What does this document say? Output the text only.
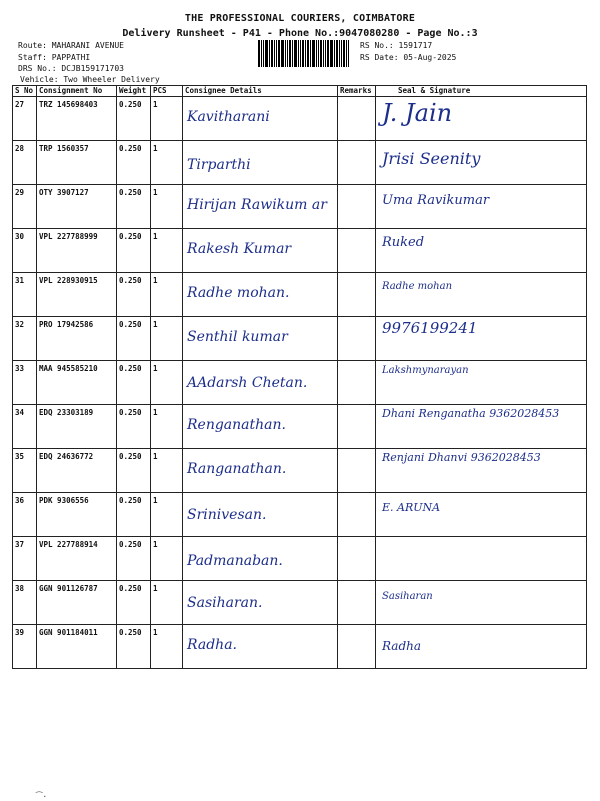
THE PROFESSIONAL COURIERS, COIMBATORE
Delivery Runsheet - P41 - Phone No.:9047080280 - Page No.:3
Route: MAHARANI AVENUE
Staff: PAPPATHI
DRS No.: DCJB159171703
Vehicle: Two Wheeler Delivery
RS No.: 1591717
RS Date: 05-Aug-2025
S No	Consignment No	Weight	PCS	Consignee Details	Remarks	Seal & Signature
27	TRZ 145698403	0.250	1	Kavitharani		J. Jain

28	TRP 1560357	0.250	1	Tirparthi		Jrisi Seenity

29	OTY 3907127	0.250	1	Hirijan Rawikum ar		Uma Ravikumar

30	VPL 227788999	0.250	1	Rakesh Kumar		Ruked

31	VPL 228930915	0.250	1	Radhe mohan.		Radhe mohan

32	PRO 17942586	0.250	1	Senthil kumar		9976199241

33	MAA 945585210	0.250	1	AAdarsh Chetan.		Lakshmynarayan

34	EDQ 23303189	0.250	1	Renganathan.		Dhani Renganatha 9362028453

35	EDQ 24636772	0.250	1	Ranganathan.		Renjani Dhanvi 9362028453

36	PDK 9306556	0.250	1	Srinivesan.		E. ARUNA

37	VPL 227788914	0.250	1	Padmanaban.		

38	GGN 901126787	0.250	1	Sasiharan.		Sasiharan

39	GGN 901184011	0.250	1	Radha.		Radha
⁀·
